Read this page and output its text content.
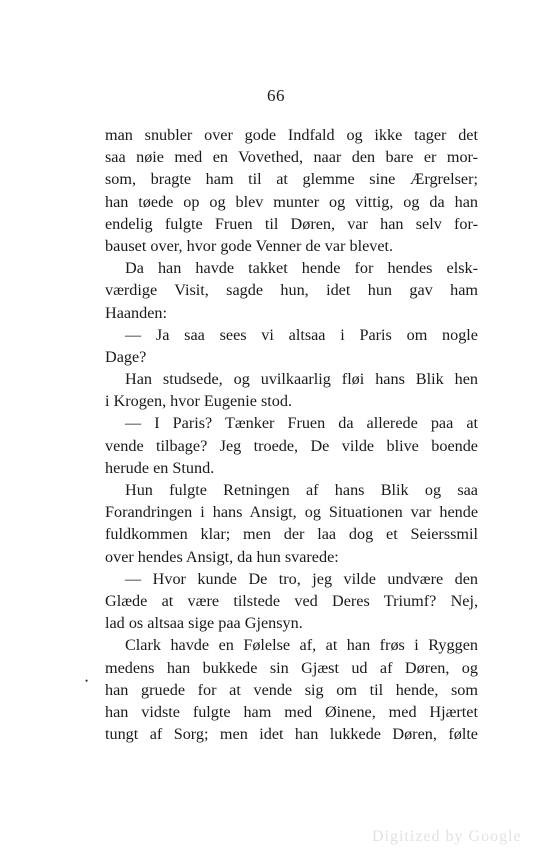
66
man snubler over gode Indfald og ikke tager det
saa nøie med en Vovethed, naar den bare er mor-
som, bragte ham til at glemme sine Ærgrelser;
han tøede op og blev munter og vittig, og da han
endelig fulgte Fruen til Døren, var han selv for-
bauset over, hvor gode Venner de var blevet.
Da han havde takket hende for hendes elsk-
værdige Visit, sagde hun, idet hun gav ham
Haanden:
— Ja saa sees vi altsaa i Paris om nogle
Dage?
Han studsede, og uvilkaarlig fløi hans Blik hen
i Krogen, hvor Eugenie stod.
— I Paris? Tænker Fruen da allerede paa at
vende tilbage? Jeg troede, De vilde blive boende
herude en Stund.
Hun fulgte Retningen af hans Blik og saa
Forandringen i hans Ansigt, og Situationen var hende
fuldkommen klar; men der laa dog et Seierssmil
over hendes Ansigt, da hun svarede:
— Hvor kunde De tro, jeg vilde undvære den
Glæde at være tilstede ved Deres Triumf? Nej,
lad os altsaa sige paa Gjensyn.
Clark havde en Følelse af, at han frøs i Ryggen
medens han bukkede sin Gjæst ud af Døren, og
han gruede for at vende sig om til hende, som
han vidste fulgte ham med Øinene, med Hjærtet
tungt af Sorg; men idet han lukkede Døren, følte
•
Digitized by Google
